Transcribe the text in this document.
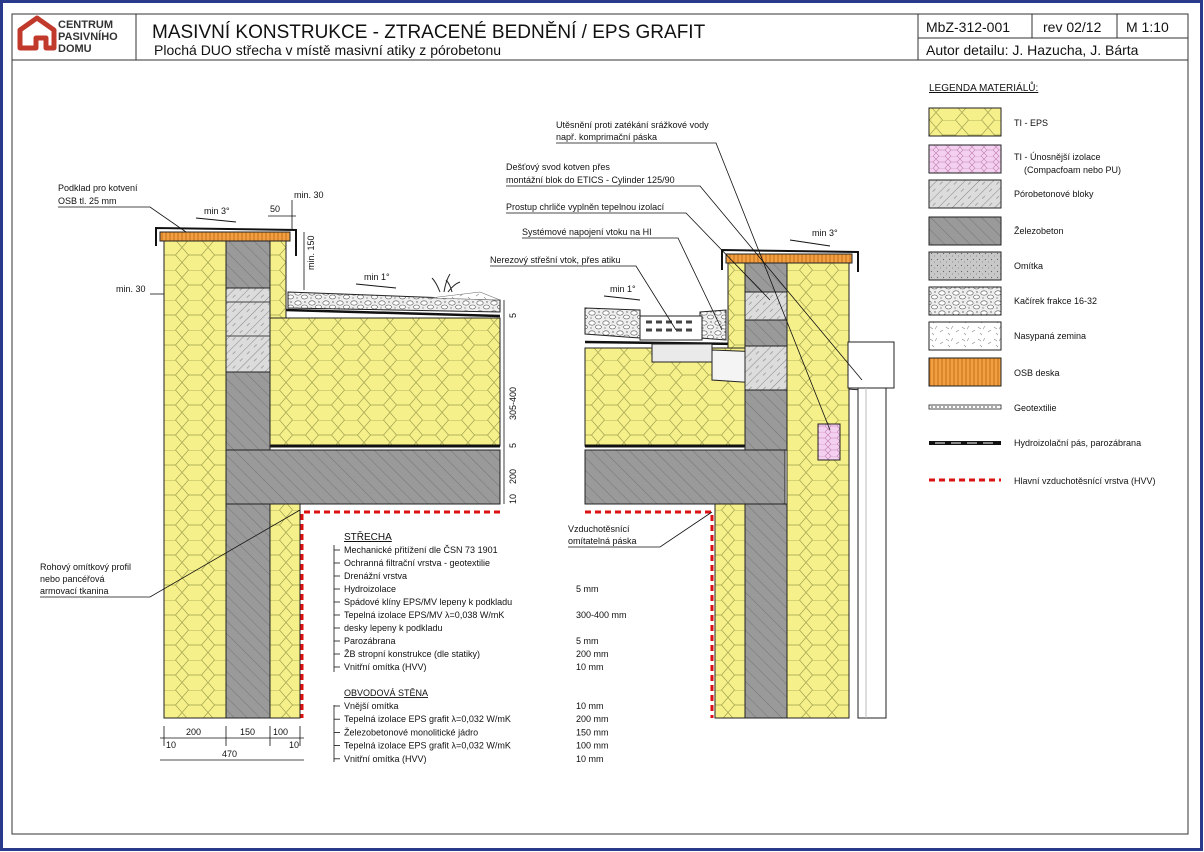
CENTRUM
PASIVNÍHO
DOMU
MASIVNÍ KONSTRUKCE - ZTRACENÉ BEDNĚNÍ / EPS GRAFIT
Plochá DUO střecha v místě masivní atiky z pórobetonu
MbZ-312-001 rev 02/12 M 1:10
Autor detailu: J. Hazucha, J. Bárta
min 3°
min 1°
Podklad pro kotvení
OSB tl. 25 mm
50
min. 30
min. 150
min. 30
5
305-400
5
200
10
Rohový omítkový profil
nebo pancéřová
armovací tkanina
200	150 100
10	10
470
STŘECHA
Mechanické přitížení dle ČSN 73 1901
Ochranná filtrační vrstva - geotextilie
Drenážní vrstva
Hydroizolace	5 mm
Spádové klíny EPS/MV lepeny k podkladu
Tepelná izolace EPS/MV λ=0,038 W/mK	300-400 mm
desky lepeny k podkladu
Parozábrana	5 mm
ŽB stropní konstrukce (dle statiky)	200 mm
Vnitřní omítka (HVV)	10 mm
OBVODOVÁ STĚNA
Vnější omítka	10 mm
Tepelná izolace EPS grafit λ=0,032 W/mK	200 mm
Železobetonové monolitické jádro	150 mm
Tepelná izolace EPS grafit λ=0,032 W/mK	100 mm
Vnitřní omítka (HVV)	10 mm
min 1°
min 3°
Utěsnění proti zatékání srážkové vody
např. komprimační páska
Dešťový svod kotven přes
montážní blok do ETICS - Cylinder 125/90
Prostup chrliče vyplněn tepelnou izolací
Systémové napojení vtoku na HI
Nerezový střešní vtok, přes atiku
Vzduchotěsnící
omítatelná páska
LEGENDA MATERIÁLŮ:
TI - EPS
TI - Únosnější izolace
(Compacfoam nebo PU)
Pórobetonové bloky
Železobeton
Omítka
Kačírek frakce 16-32
Nasypaná zemina
OSB deska
Geotextilie
Hydroizolační pás, parozábrana
Hlavní vzduchotěsnící vrstva (HVV)
